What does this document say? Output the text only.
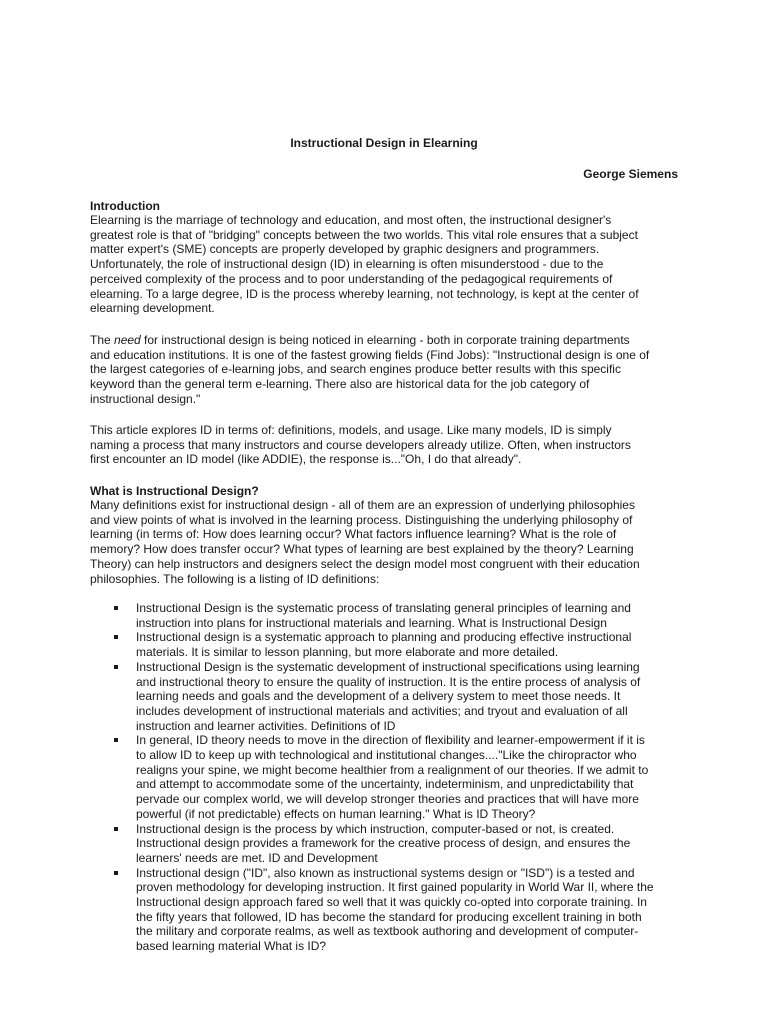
Instructional Design in Elearning
George Siemens
Introduction
Elearning is the marriage of technology and education, and most often, the instructional designer's
greatest role is that of "bridging" concepts between the two worlds. This vital role ensures that a subject
matter expert's (SME) concepts are properly developed by graphic designers and programmers.
Unfortunately, the role of instructional design (ID) in elearning is often misunderstood - due to the
perceived complexity of the process and to poor understanding of the pedagogical requirements of
elearning. To a large degree, ID is the process whereby learning, not technology, is kept at the center of
elearning development.
The need for instructional design is being noticed in elearning - both in corporate training departments
and education institutions. It is one of the fastest growing fields (Find Jobs): "Instructional design is one of
the largest categories of e-learning jobs, and search engines produce better results with this specific
keyword than the general term e-learning. There also are historical data for the job category of
instructional design."
This article explores ID in terms of: definitions, models, and usage. Like many models, ID is simply
naming a process that many instructors and course developers already utilize. Often, when instructors
first encounter an ID model (like ADDIE), the response is..."Oh, I do that already".
What is Instructional Design?
Many definitions exist for instructional design - all of them are an expression of underlying philosophies
and view points of what is involved in the learning process. Distinguishing the underlying philosophy of
learning (in terms of: How does learning occur? What factors influence learning? What is the role of
memory? How does transfer occur? What types of learning are best explained by the theory? Learning
Theory) can help instructors and designers select the design model most congruent with their education
philosophies. The following is a listing of ID definitions:
Instructional Design is the systematic process of translating general principles of learning and
instruction into plans for instructional materials and learning. What is Instructional Design
Instructional design is a systematic approach to planning and producing effective instructional
materials. It is similar to lesson planning, but more elaborate and more detailed.
Instructional Design is the systematic development of instructional specifications using learning
and instructional theory to ensure the quality of instruction. It is the entire process of analysis of
learning needs and goals and the development of a delivery system to meet those needs. It
includes development of instructional materials and activities; and tryout and evaluation of all
instruction and learner activities. Definitions of ID
In general, ID theory needs to move in the direction of flexibility and learner-empowerment if it is
to allow ID to keep up with technological and institutional changes...."Like the chiropractor who
realigns your spine, we might become healthier from a realignment of our theories. If we admit to
and attempt to accommodate some of the uncertainty, indeterminism, and unpredictability that
pervade our complex world, we will develop stronger theories and practices that will have more
powerful (if not predictable) effects on human learning." What is ID Theory?
Instructional design is the process by which instruction, computer-based or not, is created.
Instructional design provides a framework for the creative process of design, and ensures the
learners' needs are met. ID and Development
Instructional design ("ID", also known as instructional systems design or "ISD") is a tested and
proven methodology for developing instruction. It first gained popularity in World War II, where the
Instructional design approach fared so well that it was quickly co-opted into corporate training. In
the fifty years that followed, ID has become the standard for producing excellent training in both
the military and corporate realms, as well as textbook authoring and development of computer-
based learning material What is ID?
